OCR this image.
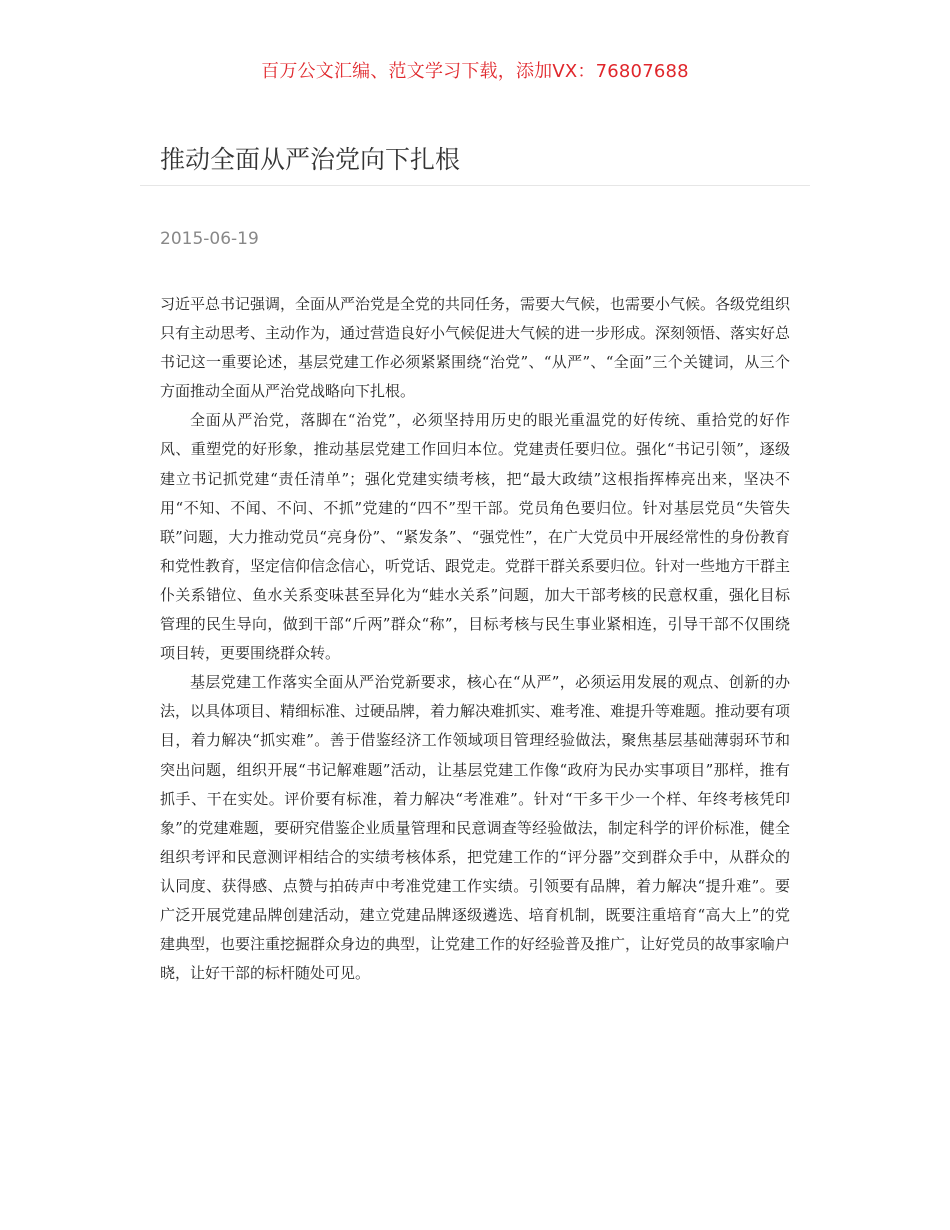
百万公文汇编、范文学习下载，添加VX：76807688
推动全面从严治党向下扎根
2015-06-19

习近平总书记强调，全面从严治党是全党的共同任务，需要大气候，也需要小气候。各级党组织只有主动思考、主动作为，通过营造良好小气候促进大气候的进一步形成。深刻领悟、落实好总书记这一重要论述，基层党建工作必须紧紧围绕“治党”、“从严”、“全面”三个关键词，从三个方面推动全面从严治党战略向下扎根。

全面从严治党，落脚在“治党”，必须坚持用历史的眼光重温党的好传统、重拾党的好作风、重塑党的好形象，推动基层党建工作回归本位。党建责任要归位。强化“书记引领”，逐级建立书记抓党建“责任清单”；强化党建实绩考核，把“最大政绩”这根指挥棒亮出来，坚决不用“不知、不闻、不问、不抓”党建的“四不”型干部。党员角色要归位。针对基层党员“失管失联”问题，大力推动党员“亮身份”、“紧发条”、“强党性”，在广大党员中开展经常性的身份教育和党性教育，坚定信仰信念信心，听党话、跟党走。党群干群关系要归位。针对一些地方干群主仆关系错位、鱼水关系变味甚至异化为“蛙水关系”问题，加大干部考核的民意权重，强化目标管理的民生导向，做到干部“斤两”群众“称”，目标考核与民生事业紧相连，引导干部不仅围绕项目转，更要围绕群众转。

基层党建工作落实全面从严治党新要求，核心在“从严”，必须运用发展的观点、创新的办法，以具体项目、精细标准、过硬品牌，着力解决难抓实、难考准、难提升等难题。推动要有项目，着力解决“抓实难”。善于借鉴经济工作领域项目管理经验做法，聚焦基层基础薄弱环节和突出问题，组织开展“书记解难题”活动，让基层党建工作像“政府为民办实事项目”那样，推有抓手、干在实处。评价要有标准，着力解决“考准难”。针对“干多干少一个样、年终考核凭印象”的党建难题，要研究借鉴企业质量管理和民意调查等经验做法，制定科学的评价标准，健全组织考评和民意测评相结合的实绩考核体系，把党建工作的“评分器”交到群众手中，从群众的认同度、获得感、点赞与拍砖声中考准党建工作实绩。引领要有品牌，着力解决“提升难”。要广泛开展党建品牌创建活动，建立党建品牌逐级遴选、培育机制，既要注重培育“高大上”的党建典型，也要注重挖掘群众身边的典型，让党建工作的好经验普及推广，让好党员的故事家喻户晓，让好干部的标杆随处可见。
